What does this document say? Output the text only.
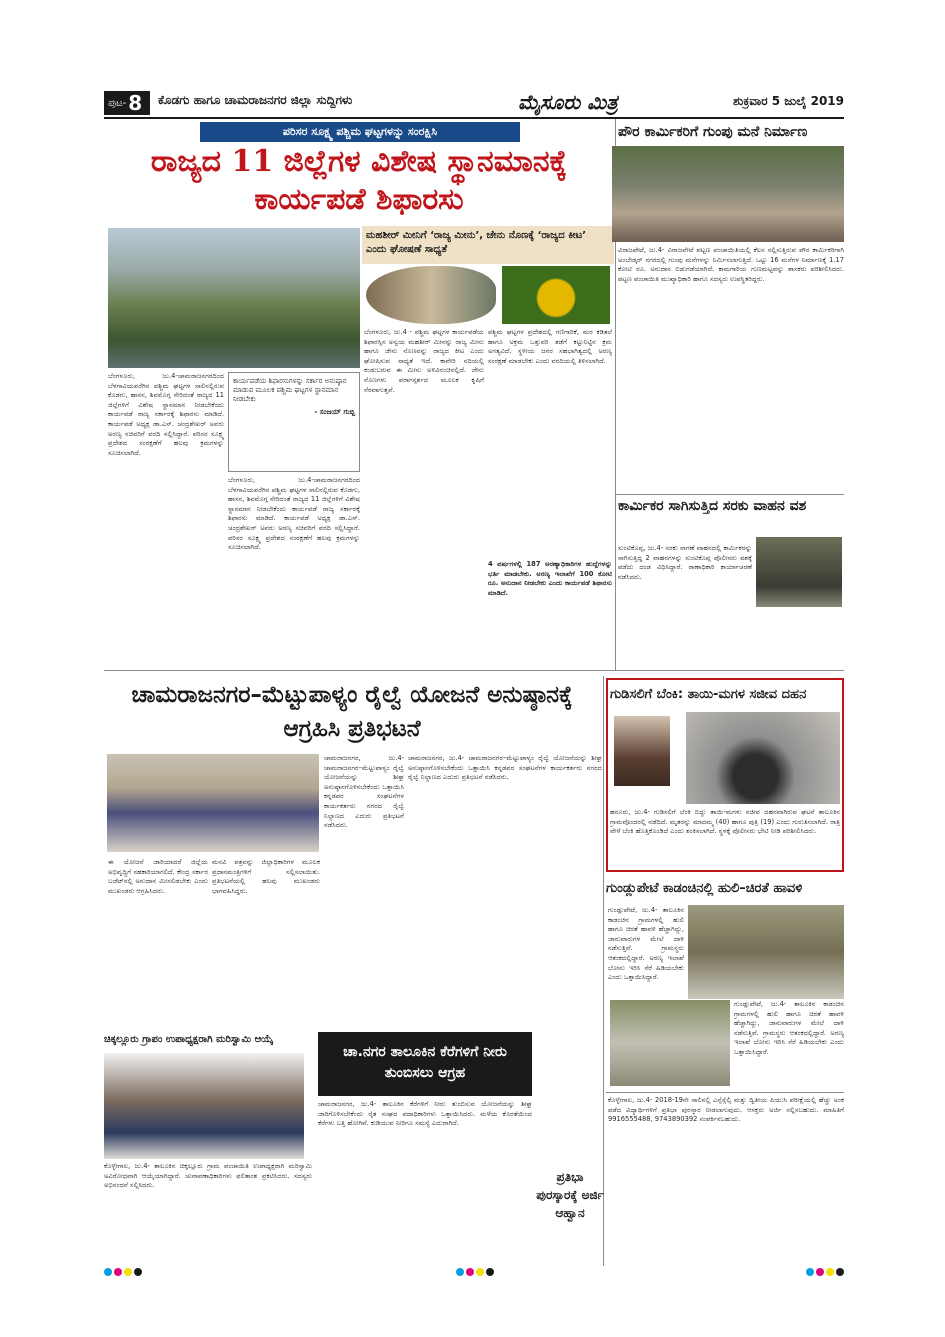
ಪುಟ- 8	ಕೊಡಗು ಹಾಗೂ ಚಾಮರಾಜನಗರ ಜಿಲ್ಲಾ ಸುದ್ದಿಗಳು	ಮೈಸೂರು ಮಿತ್ರ	ಶುಕ್ರವಾರ 5 ಜುಲೈ 2019
ಪರಿಸರ ಸೂಕ್ಷ್ಮ ಪಶ್ಚಿಮ ಘಟ್ಟಗಳನ್ನು ಸಂರಕ್ಷಿಸಿ
ರಾಜ್ಯದ 11 ಜಿಲ್ಲೆಗಳ ವಿಶೇಷ ಸ್ಥಾನಮಾನಕ್ಕೆ ಕಾರ್ಯಪಡೆ ಶಿಫಾರಸು
ಮಹಶೀರ್ ಮೀನಿಗೆ ‘ರಾಜ್ಯ ಮೀನು’, ಜೇನು ನೊಣಕ್ಕೆ ‘ರಾಜ್ಯದ ಕೀಟ’ ಎಂದು ಘೋಷಣೆ ಸಾಧ್ಯತೆ
ಬೆಂಗಳೂರು, ಜು.4-ಚಾಮರಾಜನಗರದಿಂದ ಬೆಳಗಾವಿಯವರೆಗಿನ ಪಶ್ಚಿಮ ಘಟ್ಟಗಳ ಸಾಲಿನಲ್ಲಿರುವ ಕೊಡಗು, ಹಾಸನ, ಶಿವಮೊಗ್ಗ ಸೇರಿದಂತೆ ರಾಜ್ಯದ 11 ಜಿಲ್ಲೆಗಳಿಗೆ ವಿಶೇಷ ಸ್ಥಾನಮಾನ ನೀಡಬೇಕೆಂದು ಕಾರ್ಯಪಡೆ ರಾಜ್ಯ ಸರ್ಕಾರಕ್ಕೆ ಶಿಫಾರಸು ಮಾಡಿದೆ. ಕಾರ್ಯಪಡೆ ಅಧ್ಯಕ್ಷ ಡಾ.ಎಸ್. ಚಂದ್ರಶೇಖರ್ ಅವರು ಅರಣ್ಯ ಸಚಿವರಿಗೆ ವರದಿ ಸಲ್ಲಿಸಿದ್ದಾರೆ. ಪರಿಸರ ಸೂಕ್ಷ್ಮ ಪ್ರದೇಶದ ಸಂರಕ್ಷಣೆಗೆ ಹಲವು ಕ್ರಮಗಳನ್ನು ಸೂಚಿಸಲಾಗಿದೆ.
ಕಾರ್ಯಪಡೆಯ ಶಿಫಾರಸುಗಳನ್ನು ಸರ್ಕಾರ ಅನುಷ್ಠಾನ ಮಾಡುವ ಮೂಲಕ ಪಶ್ಚಿಮ ಘಟ್ಟಗಳ ಸ್ಥಾನಮಾನ ನೀಡಬೇಕು
- ಸಂಜಯ್ ಗುಬ್ಬಿ
ಬೆಂಗಳೂರು, ಜು.4-ಚಾಮರಾಜನಗರದಿಂದ ಬೆಳಗಾವಿಯವರೆಗಿನ ಪಶ್ಚಿಮ ಘಟ್ಟಗಳ ಸಾಲಿನಲ್ಲಿರುವ ಕೊಡಗು, ಹಾಸನ, ಶಿವಮೊಗ್ಗ ಸೇರಿದಂತೆ ರಾಜ್ಯದ 11 ಜಿಲ್ಲೆಗಳಿಗೆ ವಿಶೇಷ ಸ್ಥಾನಮಾನ ನೀಡಬೇಕೆಂದು ಕಾರ್ಯಪಡೆ ರಾಜ್ಯ ಸರ್ಕಾರಕ್ಕೆ ಶಿಫಾರಸು ಮಾಡಿದೆ. ಕಾರ್ಯಪಡೆ ಅಧ್ಯಕ್ಷ ಡಾ.ಎಸ್. ಚಂದ್ರಶೇಖರ್ ಅವರು ಅರಣ್ಯ ಸಚಿವರಿಗೆ ವರದಿ ಸಲ್ಲಿಸಿದ್ದಾರೆ. ಪರಿಸರ ಸೂಕ್ಷ್ಮ ಪ್ರದೇಶದ ಸಂರಕ್ಷಣೆಗೆ ಹಲವು ಕ್ರಮಗಳನ್ನು ಸೂಚಿಸಲಾಗಿದೆ.
ಬೆಂಗಳೂರು, ಜು.4 - ಪಶ್ಚಿಮ ಘಟ್ಟಗಳ ಕಾರ್ಯಪಡೆಯ ಶಿಫಾರಸ್ಸಿನ ಅನ್ವಯ ಮಹಶೀರ್ ಮೀನನ್ನು ರಾಜ್ಯ ಮೀನು ಹಾಗೂ ಜೇನು ನೊಣವನ್ನು ರಾಜ್ಯದ ಕೀಟ ಎಂದು ಘೋಷಿಸುವ ಸಾಧ್ಯತೆ ಇದೆ. ಕಾವೇರಿ ನದಿಯಲ್ಲಿ ಕಂಡುಬರುವ ಈ ಮೀನು ಅಳಿವಿನಂಚಿನಲ್ಲಿದೆ. ಜೇನು ನೊಣಗಳು ಪರಾಗಸ್ಪರ್ಶದ ಮೂಲಕ ಕೃಷಿಗೆ ನೆರವಾಗುತ್ತವೆ.
ಪಶ್ಚಿಮ ಘಟ್ಟಗಳ ಪ್ರದೇಶದಲ್ಲಿ ಗಣಿಗಾರಿಕೆ, ಮರ ಕಡಿತಲೆ ಹಾಗೂ ಅಕ್ರಮ ಒತ್ತುವರಿ ತಡೆಗೆ ಕಟ್ಟುನಿಟ್ಟಿನ ಕ್ರಮ ಅಗತ್ಯವಿದೆ. ಸ್ಥಳೀಯ ಜನರ ಸಹಭಾಗಿತ್ವದಲ್ಲಿ ಅರಣ್ಯ ಸಂರಕ್ಷಣೆ ಮಾಡಬೇಕು ಎಂದು ವರದಿಯಲ್ಲಿ ತಿಳಿಸಲಾಗಿದೆ.
4 ವರ್ಷಗಳಲ್ಲಿ 187 ಅರಣ್ಯಾಧಿಕಾರಿಗಳ ಹುದ್ದೆಗಳನ್ನು ಭರ್ತಿ ಮಾಡಬೇಕು. ಅರಣ್ಯ ಇಲಾಖೆಗೆ 100 ಕೋಟಿ ರೂ. ಅನುದಾನ ನೀಡಬೇಕು ಎಂದು ಕಾರ್ಯಪಡೆ ಶಿಫಾರಸು ಮಾಡಿದೆ.
ಪೌರ ಕಾರ್ಮಿಕರಿಗೆ ಗುಂಪು ಮನೆ ನಿರ್ಮಾಣ
ವಿರಾಜಪೇಟೆ, ಜು.4- ವಿರಾಜಪೇಟೆ ಪಟ್ಟಣ ಪಂಚಾಯಿತಿಯಲ್ಲಿ ಕೆಲಸ ಸಲ್ಲಿಸುತ್ತಿರುವ ಪೌರ ಕಾರ್ಮಿಕರಿಗಾಗಿ ಅಂಬೇಡ್ಕರ್ ನಗರದಲ್ಲಿ ಗುಂಪು ಮನೆಗಳನ್ನು ನಿರ್ಮಿಸಲಾಗುತ್ತಿದೆ. ಒಟ್ಟು 16 ಮನೆಗಳ ನಿರ್ಮಾಣಕ್ಕೆ 1.17 ಕೋಟಿ ರೂ. ಅನುದಾನ ಬಿಡುಗಡೆಯಾಗಿದೆ. ಕಾಮಗಾರಿಯ ಗುಣಮಟ್ಟವನ್ನು ಶಾಸಕರು ಪರಿಶೀಲಿಸಿದರು. ಪಟ್ಟಣ ಪಂಚಾಯಿತಿ ಮುಖ್ಯಾಧಿಕಾರಿ ಹಾಗೂ ಸದಸ್ಯರು ಉಪಸ್ಥಿತರಿದ್ದರು.
ಕಾರ್ಮಿಕರ ಸಾಗಿಸುತ್ತಿದ ಸರಕು ವಾಹನ ವಶ
ಸುಂಟಿಕೊಪ್ಪ, ಜು.4- ಸರಕು ಸಾಗಣೆ ವಾಹನದಲ್ಲಿ ಕಾರ್ಮಿಕರನ್ನು ಸಾಗಿಸುತ್ತಿದ್ದ 2 ವಾಹನಗಳನ್ನು ಸುಂಟಿಕೊಪ್ಪ ಪೊಲೀಸರು ವಶಕ್ಕೆ ಪಡೆದು ದಂಡ ವಿಧಿಸಿದ್ದಾರೆ. ಠಾಣಾಧಿಕಾರಿ ಕಾರ್ಯಾಚರಣೆ ನಡೆಸಿದರು.
ಚಾಮರಾಜನಗರ–ಮೆಟ್ಟುಪಾಳ್ಯಂ ರೈಲ್ವೆ ಯೋಜನೆ ಅನುಷ್ಠಾನಕ್ಕೆ ಆಗ್ರಹಿಸಿ ಪ್ರತಿಭಟನೆ
ಚಾಮರಾಜನಗರ, ಜು.4- ಚಾಮರಾಜನಗರ–ಮೆಟ್ಟುಪಾಳ್ಯಂ ರೈಲ್ವೆ ಯೋಜನೆಯನ್ನು ಶೀಘ್ರ ಅನುಷ್ಠಾನಗೊಳಿಸಬೇಕೆಂದು ಒತ್ತಾಯಿಸಿ ಕನ್ನಡಪರ ಸಂಘಟನೆಗಳ ಕಾರ್ಯಕರ್ತರು ನಗರದ ರೈಲ್ವೆ ನಿಲ್ದಾಣದ ಎದುರು ಪ್ರತಿಭಟನೆ ನಡೆಸಿದರು.
ಈ ಯೋಜನೆ ಜಾರಿಯಾದರೆ ಜಿಲ್ಲೆಯ ಅಭಿವೃದ್ಧಿಗೆ ಸಹಕಾರಿಯಾಗಲಿದೆ. ಕೇಂದ್ರ ಸರ್ಕಾರ ಬಜೆಟ್‌ನಲ್ಲಿ ಅನುದಾನ ಮೀಸಲಿಡಬೇಕು ಎಂದು ಮುಖಂಡರು ಆಗ್ರಹಿಸಿದರು.
ಮನವಿ ಪತ್ರವನ್ನು ಜಿಲ್ಲಾಧಿಕಾರಿಗಳ ಮೂಲಕ ಪ್ರಧಾನಮಂತ್ರಿಗಳಿಗೆ ಸಲ್ಲಿಸಲಾಯಿತು. ಪ್ರತಿಭಟನೆಯಲ್ಲಿ ಹಲವು ಮುಖಂಡರು ಭಾಗವಹಿಸಿದ್ದರು.
ಚಾಮರಾಜನಗರ, ಜು.4- ಚಾಮರಾಜನಗರ–ಮೆಟ್ಟುಪಾಳ್ಯಂ ರೈಲ್ವೆ ಯೋಜನೆಯನ್ನು ಶೀಘ್ರ ಅನುಷ್ಠಾನಗೊಳಿಸಬೇಕೆಂದು ಒತ್ತಾಯಿಸಿ ಕನ್ನಡಪರ ಸಂಘಟನೆಗಳ ಕಾರ್ಯಕರ್ತರು ನಗರದ ರೈಲ್ವೆ ನಿಲ್ದಾಣದ ಎದುರು ಪ್ರತಿಭಟನೆ ನಡೆಸಿದರು.
ಗುಡಿಸಲಿಗೆ ಬೆಂಕಿ: ತಾಯಿ-ಮಗಳ ಸಜೀವ ದಹನ
ಹನೂರು, ಜು.4- ಗುಡಿಸಲಿಗೆ ಬೆಂಕಿ ಬಿದ್ದು ತಾಯಿ-ಮಗಳು ಸಜೀವ ದಹನವಾಗಿರುವ ಘಟನೆ ತಾಲೂಕಿನ ಗ್ರಾಮವೊಂದರಲ್ಲಿ ನಡೆದಿದೆ. ಮೃತರನ್ನು ಮಾದಮ್ಮ (40) ಹಾಗೂ ಪುತ್ರಿ (19) ಎಂದು ಗುರುತಿಸಲಾಗಿದೆ. ರಾತ್ರಿ ವೇಳೆ ಬೆಂಕಿ ಹೊತ್ತಿಕೊಂಡಿದೆ ಎಂದು ಶಂಕಿಸಲಾಗಿದೆ. ಸ್ಥಳಕ್ಕೆ ಪೊಲೀಸರು ಭೇಟಿ ನೀಡಿ ಪರಿಶೀಲಿಸಿದರು.
ಗುಂಡ್ಲುಪೇಟೆ ಕಾಡಂಚಿನಲ್ಲಿ ಹುಲಿ–ಚಿರತೆ ಹಾವಳಿ
ಗುಂಡ್ಲುಪೇಟೆ, ಜು.4- ತಾಲೂಕಿನ ಕಾಡಂಚಿನ ಗ್ರಾಮಗಳಲ್ಲಿ ಹುಲಿ ಹಾಗೂ ಚಿರತೆ ಹಾವಳಿ ಹೆಚ್ಚಾಗಿದ್ದು, ಜಾನುವಾರುಗಳ ಮೇಲೆ ದಾಳಿ ನಡೆಸುತ್ತಿವೆ. ಗ್ರಾಮಸ್ಥರು ಆತಂಕದಲ್ಲಿದ್ದಾರೆ. ಅರಣ್ಯ ಇಲಾಖೆ ಬೋನು ಇರಿಸಿ ಸೆರೆ ಹಿಡಿಯಬೇಕು ಎಂದು ಒತ್ತಾಯಿಸಿದ್ದಾರೆ.
ಗುಂಡ್ಲುಪೇಟೆ, ಜು.4- ತಾಲೂಕಿನ ಕಾಡಂಚಿನ ಗ್ರಾಮಗಳಲ್ಲಿ ಹುಲಿ ಹಾಗೂ ಚಿರತೆ ಹಾವಳಿ ಹೆಚ್ಚಾಗಿದ್ದು, ಜಾನುವಾರುಗಳ ಮೇಲೆ ದಾಳಿ ನಡೆಸುತ್ತಿವೆ. ಗ್ರಾಮಸ್ಥರು ಆತಂಕದಲ್ಲಿದ್ದಾರೆ. ಅರಣ್ಯ ಇಲಾಖೆ ಬೋನು ಇರಿಸಿ ಸೆರೆ ಹಿಡಿಯಬೇಕು ಎಂದು ಒತ್ತಾಯಿಸಿದ್ದಾರೆ.
ಚಿಕ್ಕಲ್ಲೂರು ಗ್ರಾಪಂ ಉಪಾಧ್ಯಕ್ಷರಾಗಿ ಮರಿಸ್ವಾಮಿ ಆಯ್ಕೆ
ಕೊಳ್ಳೇಗಾಲ, ಜು.4- ತಾಲೂಕಿನ ಚಿಕ್ಕಲ್ಲೂರು ಗ್ರಾಮ ಪಂಚಾಯಿತಿ ಉಪಾಧ್ಯಕ್ಷರಾಗಿ ಮರಿಸ್ವಾಮಿ ಅವಿರೋಧವಾಗಿ ಆಯ್ಕೆಯಾಗಿದ್ದಾರೆ. ಚುನಾವಣಾಧಿಕಾರಿಗಳು ಫಲಿತಾಂಶ ಪ್ರಕಟಿಸಿದರು. ಸದಸ್ಯರು ಅಭಿನಂದನೆ ಸಲ್ಲಿಸಿದರು.
ಚಾ.ನಗರ ತಾಲೂಕಿನ ಕೆರೆಗಳಿಗೆ ನೀರು ತುಂಬಿಸಲು ಆಗ್ರಹ
ಚಾಮರಾಜನಗರ, ಜು.4- ತಾಲೂಕಿನ ಕೆರೆಗಳಿಗೆ ನೀರು ತುಂಬಿಸುವ ಯೋಜನೆಯನ್ನು ಶೀಘ್ರ ಜಾರಿಗೊಳಿಸಬೇಕೆಂದು ರೈತ ಸಂಘದ ಪದಾಧಿಕಾರಿಗಳು ಒತ್ತಾಯಿಸಿದರು. ಮಳೆಯ ಕೊರತೆಯಿಂದ ಕೆರೆಗಳು ಬತ್ತಿ ಹೋಗಿವೆ. ಕುಡಿಯುವ ನೀರಿಗೂ ಸಮಸ್ಯೆ ಎದುರಾಗಿದೆ.
ಪ್ರತಿಭಾ ಪುರಸ್ಕಾರಕ್ಕೆ ಅರ್ಜಿ ಆಹ್ವಾನ
ಕೊಳ್ಳೇಗಾಲ, ಜು.4- 2018-19ನೇ ಸಾಲಿನಲ್ಲಿ ಎಸ್ಸೆಸ್ಸೆಲ್ಸಿ ಮತ್ತು ದ್ವಿತೀಯ ಪಿಯುಸಿ ಪರೀಕ್ಷೆಯಲ್ಲಿ ಹೆಚ್ಚು ಅಂಕ ಪಡೆದ ವಿದ್ಯಾರ್ಥಿಗಳಿಗೆ ಪ್ರತಿಭಾ ಪುರಸ್ಕಾರ ನೀಡಲಾಗುವುದು. ಆಸಕ್ತರು ಅರ್ಜಿ ಸಲ್ಲಿಸಬಹುದು. ಮಾಹಿತಿಗೆ 9916555488, 9743890392 ಸಂಪರ್ಕಿಸಬಹುದು.
